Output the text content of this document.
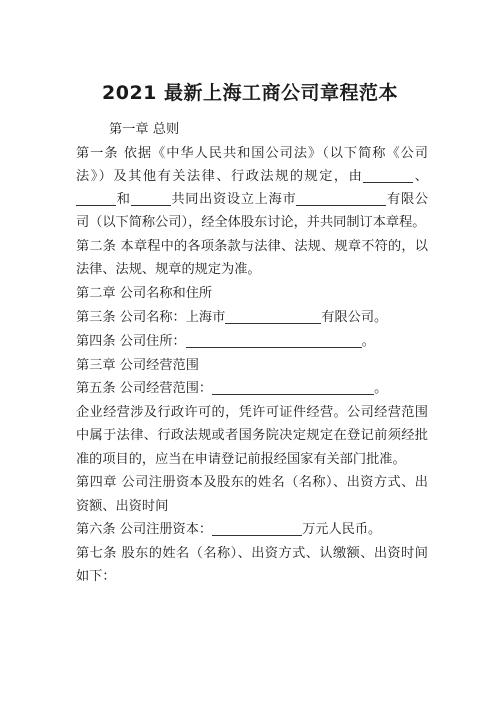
2021 最新上海工商公司章程范本

第一章 总则

第一条 依据《中华人民共和国公司法》（以下简称《公司法》）及其他有关法律、行政法规的规定，由	、和	共同出资设立上海市	有限公司（以下简称公司），经全体股东讨论，并共同制订本章程。

第二条 本章程中的各项条款与法律、法规、规章不符的，以法律、法规、规章的规定为准。

第二章 公司名称和住所

第三条 公司名称：上海市	有限公司。

第四条 公司住所：	。

第三章 公司经营范围

第五条 公司经营范围：	。

企业经营涉及行政许可的，凭许可证件经营。公司经营范围中属于法律、行政法规或者国务院决定规定在登记前须经批准的项目的，应当在申请登记前报经国家有关部门批准。

第四章 公司注册资本及股东的姓名（名称）、出资方式、出资额、出资时间

第六条 公司注册资本：	万元人民币。

第七条 股东的姓名（名称）、出资方式、认缴额、出资时间如下：
